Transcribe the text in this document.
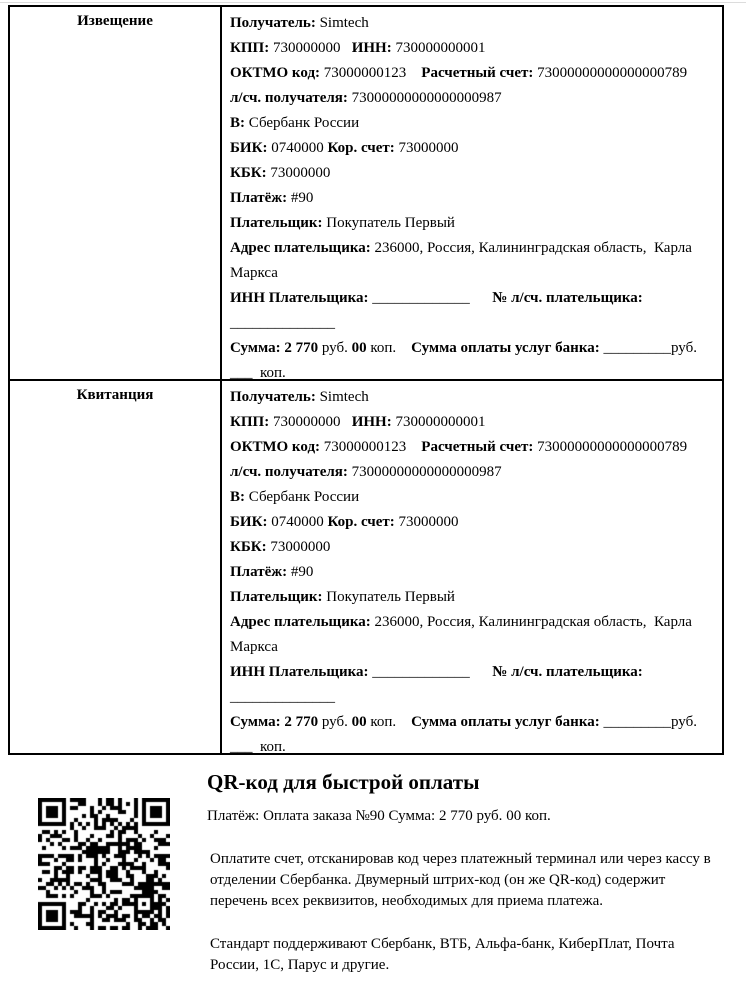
Извещение	Получатель: Simtech
КПП: 730000000   ИНН: 730000000001
ОКТМО код: 73000000123    Расчетный счет: 73000000000000000789
л/сч. получателя: 73000000000000000987
В: Сбербанк России
БИК: 0740000 Кор. счет: 73000000
КБК: 73000000
Платёж: #90
Плательщик: Покупатель Первый
Адрес плательщика: 236000, Россия, Калининградская область,  Карла Маркса
ИНН Плательщика: _____________      № л/сч. плательщика: ______________
Сумма: 2 770 руб. 00 коп. Сумма оплаты услуг банка: _________руб.  ___  коп.
Квитанция	Получатель: Simtech
КПП: 730000000   ИНН: 730000000001
ОКТМО код: 73000000123    Расчетный счет: 73000000000000000789
л/сч. получателя: 73000000000000000987
В: Сбербанк России
БИК: 0740000 Кор. счет: 73000000
КБК: 73000000
Платёж: #90
Плательщик: Покупатель Первый
Адрес плательщика: 236000, Россия, Калининградская область,  Карла Маркса
ИНН Плательщика: _____________      № л/сч. плательщика: ______________
Сумма: 2 770 руб. 00 коп. Сумма оплаты услуг банка: _________руб.  ___  коп.
QR-код для быстрой оплаты
Платёж: Оплата заказа №90 Сумма: 2 770 руб. 00 коп.

Оплатите счет, отсканировав код через платежный терминал или через кассу в отделении Сбербанка. Двумерный штрих-код (он же QR-код) содержит перечень всех реквизитов, необходимых для приема платежа.

Стандарт поддерживают Сбербанк, ВТБ, Альфа-банк, КиберПлат, Почта России, 1С, Парус и другие.
